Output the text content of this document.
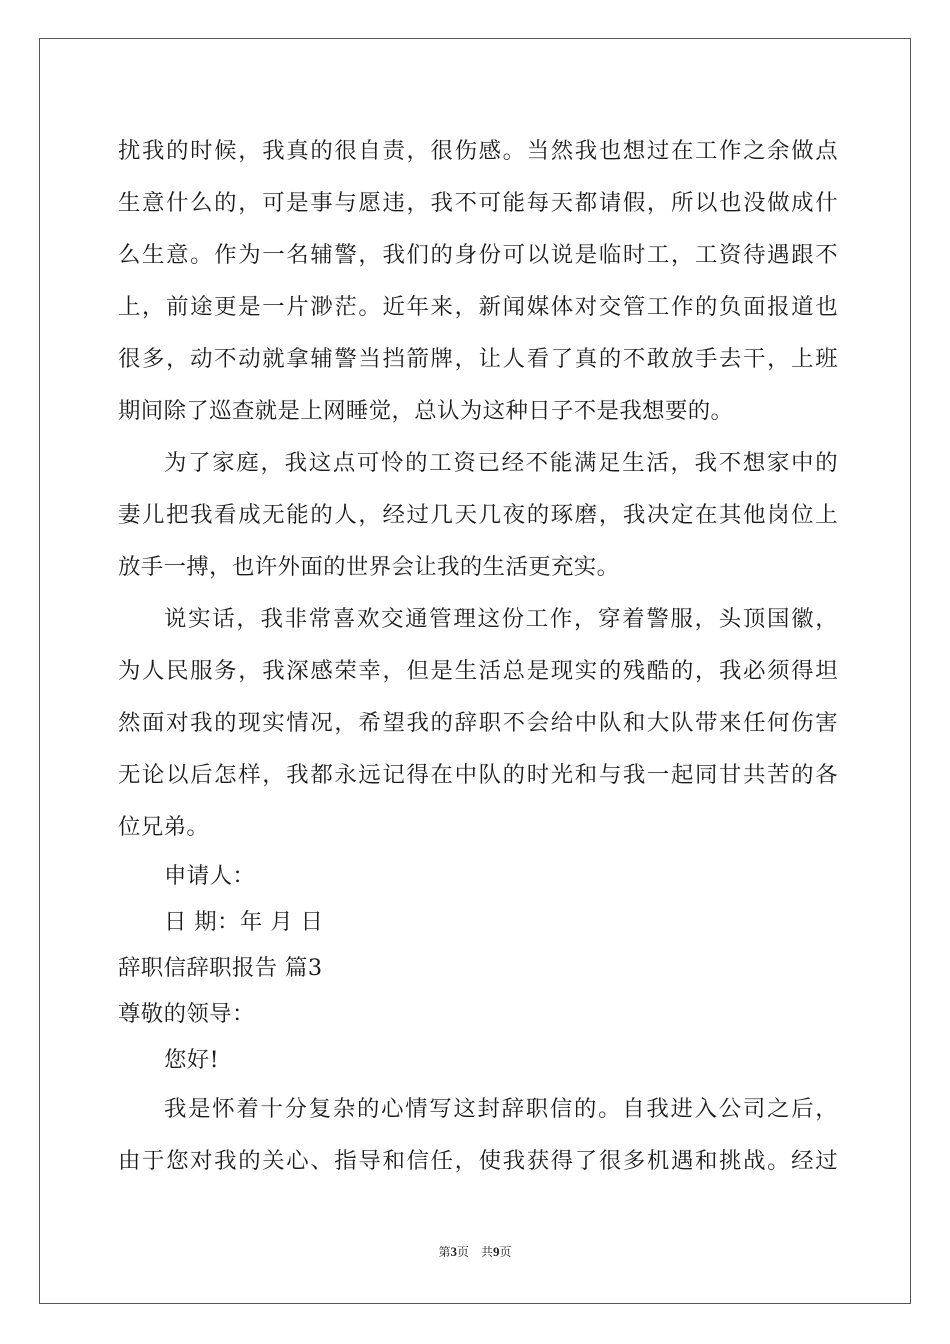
扰我的时候，我真的很自责，很伤感。当然我也想过在工作之余做点
生意什么的，可是事与愿违，我不可能每天都请假，所以也没做成什
么生意。作为一名辅警，我们的身份可以说是临时工，工资待遇跟不
上，前途更是一片渺茫。近年来，新闻媒体对交管工作的负面报道也
很多，动不动就拿辅警当挡箭牌，让人看了真的不敢放手去干，上班
期间除了巡查就是上网睡觉，总认为这种日子不是我想要的。
为了家庭，我这点可怜的工资已经不能满足生活，我不想家中的
妻儿把我看成无能的人，经过几天几夜的琢磨，我决定在其他岗位上
放手一搏，也许外面的世界会让我的生活更充实。
说实话，我非常喜欢交通管理这份工作，穿着警服，头顶国徽，
为人民服务，我深感荣幸，但是生活总是现实的残酷的，我必须得坦
然面对我的现实情况，希望我的辞职不会给中队和大队带来任何伤害
无论以后怎样，我都永远记得在中队的时光和与我一起同甘共苦的各
位兄弟。
申请人：
日 期：年 月 日
辞职信辞职报告 篇3
尊敬的领导：
您好!
我是怀着十分复杂的心情写这封辞职信的。自我进入公司之后，
由于您对我的关心、指导和信任，使我获得了很多机遇和挑战。经过
第3页　共9页
